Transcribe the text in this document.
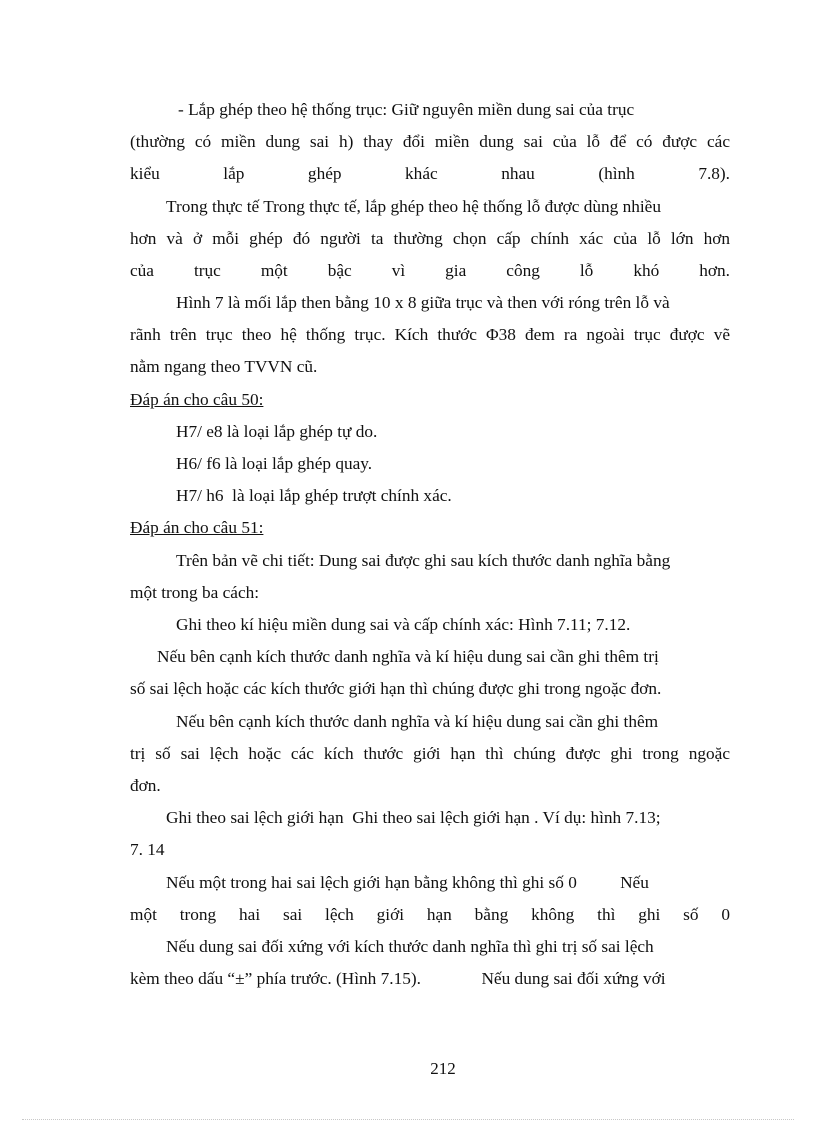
- Lắp ghép theo hệ thống trục: Giữ nguyên miền dung sai của trục
(thường có miền dung sai h) thay đổi miền dung sai của lỗ để có được các
kiểu lắp ghép khác nhau (hình 7.8).
Trong thực tế Trong thực tế, lắp ghép theo hệ thống lỗ được dùng nhiều
hơn và ở mỗi ghép đó người ta thường chọn cấp chính xác của lỗ lớn hơn
của trục một bậc vì gia công lỗ khó hơn.
Hình 7 là mối lắp then bằng 10 x 8 giữa trục và then với róng trên lỗ và
rãnh trên trục theo hệ thống trục. Kích thước Φ38 đem ra ngoài trục được vẽ
nằm ngang theo TVVN cũ.
Đáp án cho câu 50:
H7/ e8 là loại lắp ghép tự do.
H6/ f6 là loại lắp ghép quay.
H7/ h6  là loại lắp ghép trượt chính xác.
Đáp án cho câu 51:
Trên bản vẽ chi tiết: Dung sai được ghi sau kích thước danh nghĩa bằng
một trong ba cách:
Ghi theo kí hiệu miền dung sai và cấp chính xác: Hình 7.11; 7.12.
Nếu bên cạnh kích thước danh nghĩa và kí hiệu dung sai cần ghi thêm trị
số sai lệch hoặc các kích thước giới hạn thì chúng được ghi trong ngoặc đơn.
Nếu bên cạnh kích thước danh nghĩa và kí hiệu dung sai cần ghi thêm
trị số sai lệch hoặc các kích thước giới hạn thì chúng được ghi trong ngoặc
đơn.
Ghi theo sai lệch giới hạn  Ghi theo sai lệch giới hạn . Ví dụ: hình 7.13;
7. 14
Nếu một trong hai sai lệch giới hạn bằng không thì ghi số 0          Nếu
một trong hai sai lệch giới hạn bằng không thì ghi số 0
Nếu dung sai đối xứng với kích thước danh nghĩa thì ghi trị số sai lệch
kèm theo dấu “±” phía trước. (Hình 7.15).              Nếu dung sai đối xứng với
212
